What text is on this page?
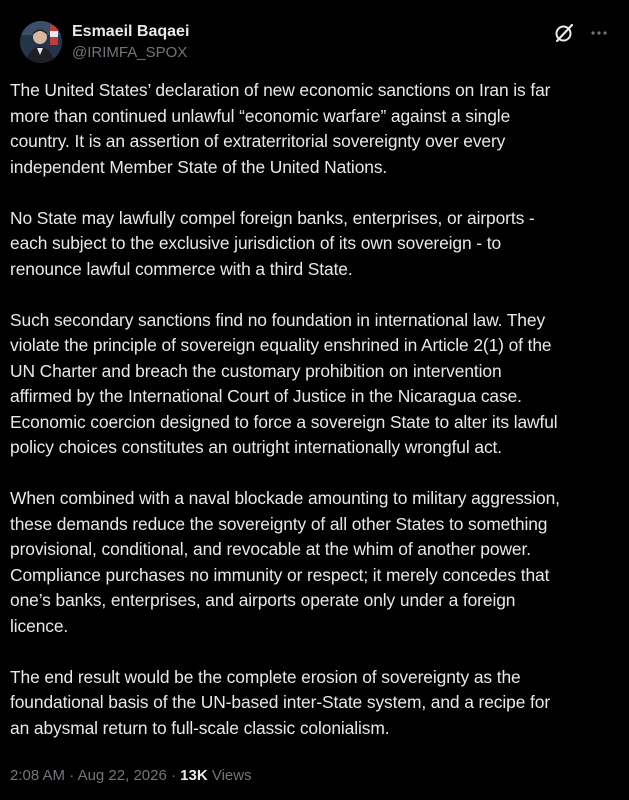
Esmaeil Baqaei
@IRIMFA_SPOX

The United States’ declaration of new economic sanctions on Iran is far
more than continued unlawful “economic warfare” against a single
country. It is an assertion of extraterritorial sovereignty over every
independent Member State of the United Nations.

No State may lawfully compel foreign banks, enterprises, or airports -
each subject to the exclusive jurisdiction of its own sovereign - to
renounce lawful commerce with a third State.

Such secondary sanctions find no foundation in international law. They
violate the principle of sovereign equality enshrined in Article 2(1) of the
UN Charter and breach the customary prohibition on intervention
affirmed by the International Court of Justice in the Nicaragua case.
Economic coercion designed to force a sovereign State to alter its lawful
policy choices constitutes an outright internationally wrongful act.

When combined with a naval blockade amounting to military aggression,
these demands reduce the sovereignty of all other States to something
provisional, conditional, and revocable at the whim of another power.
Compliance purchases no immunity or respect; it merely concedes that
one’s banks, enterprises, and airports operate only under a foreign
licence.

The end result would be the complete erosion of sovereignty as the
foundational basis of the UN-based inter-State system, and a recipe for
an abysmal return to full-scale classic colonialism.

2:08 AM · Aug 22, 2026 · 13K Views
